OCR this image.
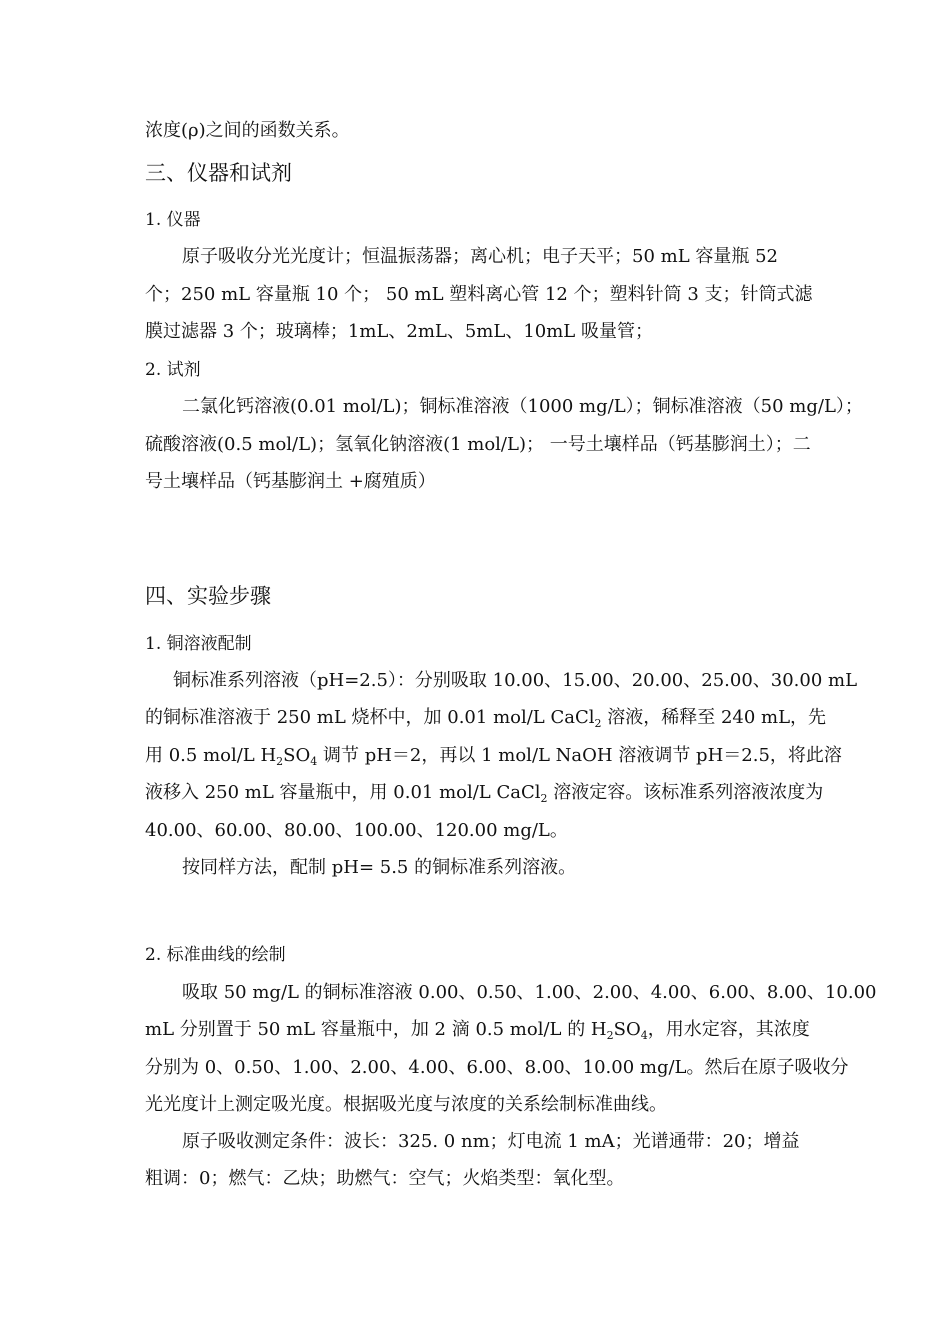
浓度(ρ)之间的函数关系。
三、仪器和试剂
1. 仪器
原子吸收分光光度计；恒温振荡器；离心机；电子天平；50 mL 容量瓶 52
个；250 mL 容量瓶 10 个； 50 mL 塑料离心管 12 个；塑料针筒 3 支；针筒式滤
膜过滤器 3 个；玻璃棒；1mL、2mL、5mL、10mL 吸量管；
2. 试剂
二氯化钙溶液(0.01 mol/L)；铜标准溶液（1000 mg/L）；铜标准溶液（50 mg/L）；
硫酸溶液(0.5 mol/L)；氢氧化钠溶液(1 mol/L)； 一号土壤样品（钙基膨润土）；二
号土壤样品（钙基膨润土 +腐殖质）
四、实验步骤
1. 铜溶液配制
铜标准系列溶液（pH=2.5）：分别吸取 10.00、15.00、20.00、25.00、30.00 mL
的铜标准溶液于 250 mL 烧杯中，加 0.01 mol/L CaCl$_2$ 溶液，稀释至 240 mL，先
用 0.5 mol/L $H_2SO_4$ 调节 pH＝2，再以 1 mol/L NaOH 溶液调节 pH＝2.5，将此溶
液移入 250 mL 容量瓶中，用 0.01 mol/L CaCl$_2$ 溶液定容。该标准系列溶液浓度为
40.00、60.00、80.00、100.00、120.00 mg/L。
按同样方法，配制 pH= 5.5 的铜标准系列溶液。
2. 标准曲线的绘制
吸取 50 mg/L 的铜标准溶液 0.00、0.50、1.00、2.00、4.00、6.00、8.00、10.00
mL 分别置于 50 mL 容量瓶中，加 2 滴 0.5 mol/L 的 $H_2SO_4$，用水定容，其浓度
分别为 0、0.50、1.00、2.00、4.00、6.00、8.00、10.00 mg/L。然后在原子吸收分
光光度计上测定吸光度。根据吸光度与浓度的关系绘制标准曲线。
原子吸收测定条件：波长：325. 0 nm；灯电流 1 mA；光谱通带：20；增益
粗调：0；燃气：乙炔；助燃气：空气；火焰类型：氧化型。
